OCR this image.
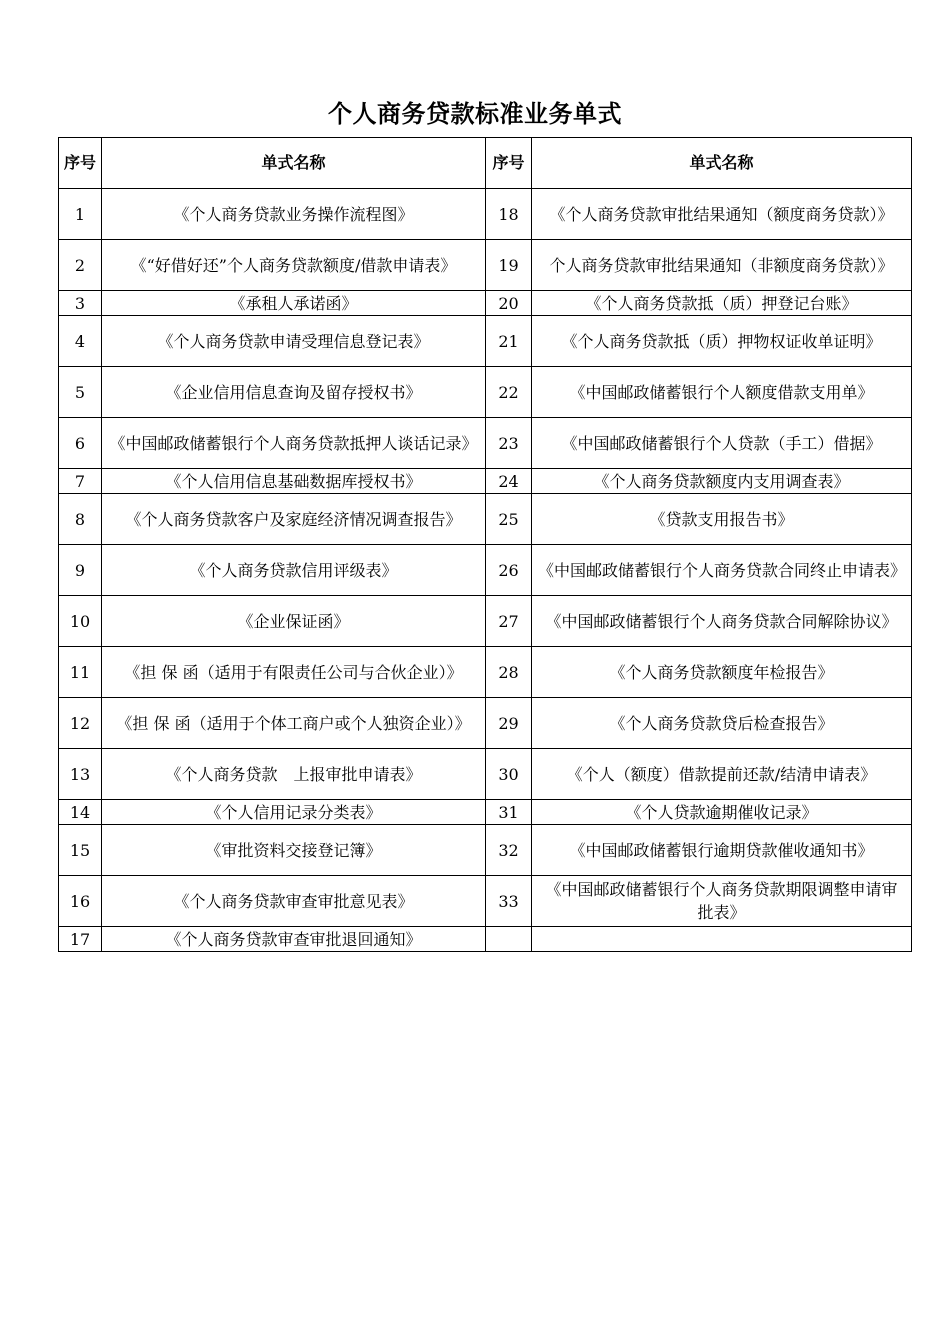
个人商务贷款标准业务单式
序号	单式名称	序号	单式名称
1	《个人商务贷款业务操作流程图》	18	《个人商务贷款审批结果通知（额度商务贷款）》
2	《“好借好还”个人商务贷款额度/借款申请表》	19	个人商务贷款审批结果通知（非额度商务贷款）》
3	《承租人承诺函》	20	《个人商务贷款抵（质）押登记台账》
4	《个人商务贷款申请受理信息登记表》	21	《个人商务贷款抵（质）押物权证收单证明》
5	《企业信用信息查询及留存授权书》	22	《中国邮政储蓄银行个人额度借款支用单》
6	《中国邮政储蓄银行个人商务贷款抵押人谈话记录》	23	《中国邮政储蓄银行个人贷款（手工）借据》
7	《个人信用信息基础数据库授权书》	24	《个人商务贷款额度内支用调查表》
8	《个人商务贷款客户及家庭经济情况调查报告》	25	《贷款支用报告书》
9	《个人商务贷款信用评级表》	26	《中国邮政储蓄银行个人商务贷款合同终止申请表》
10	《企业保证函》	27	《中国邮政储蓄银行个人商务贷款合同解除协议》
11	《担 保 函（适用于有限责任公司与合伙企业）》	28	《个人商务贷款额度年检报告》
12	《担 保 函（适用于个体工商户或个人独资企业）》	29	《个人商务贷款贷后检查报告》
13	《个人商务贷款　上报审批申请表》	30	《个人（额度）借款提前还款/结清申请表》
14	《个人信用记录分类表》	31	《个人贷款逾期催收记录》
15	《审批资料交接登记簿》	32	《中国邮政储蓄银行逾期贷款催收通知书》
16	《个人商务贷款审查审批意见表》	33	《中国邮政储蓄银行个人商务贷款期限调整申请审批表》
17	《个人商务贷款审查审批退回通知》		
